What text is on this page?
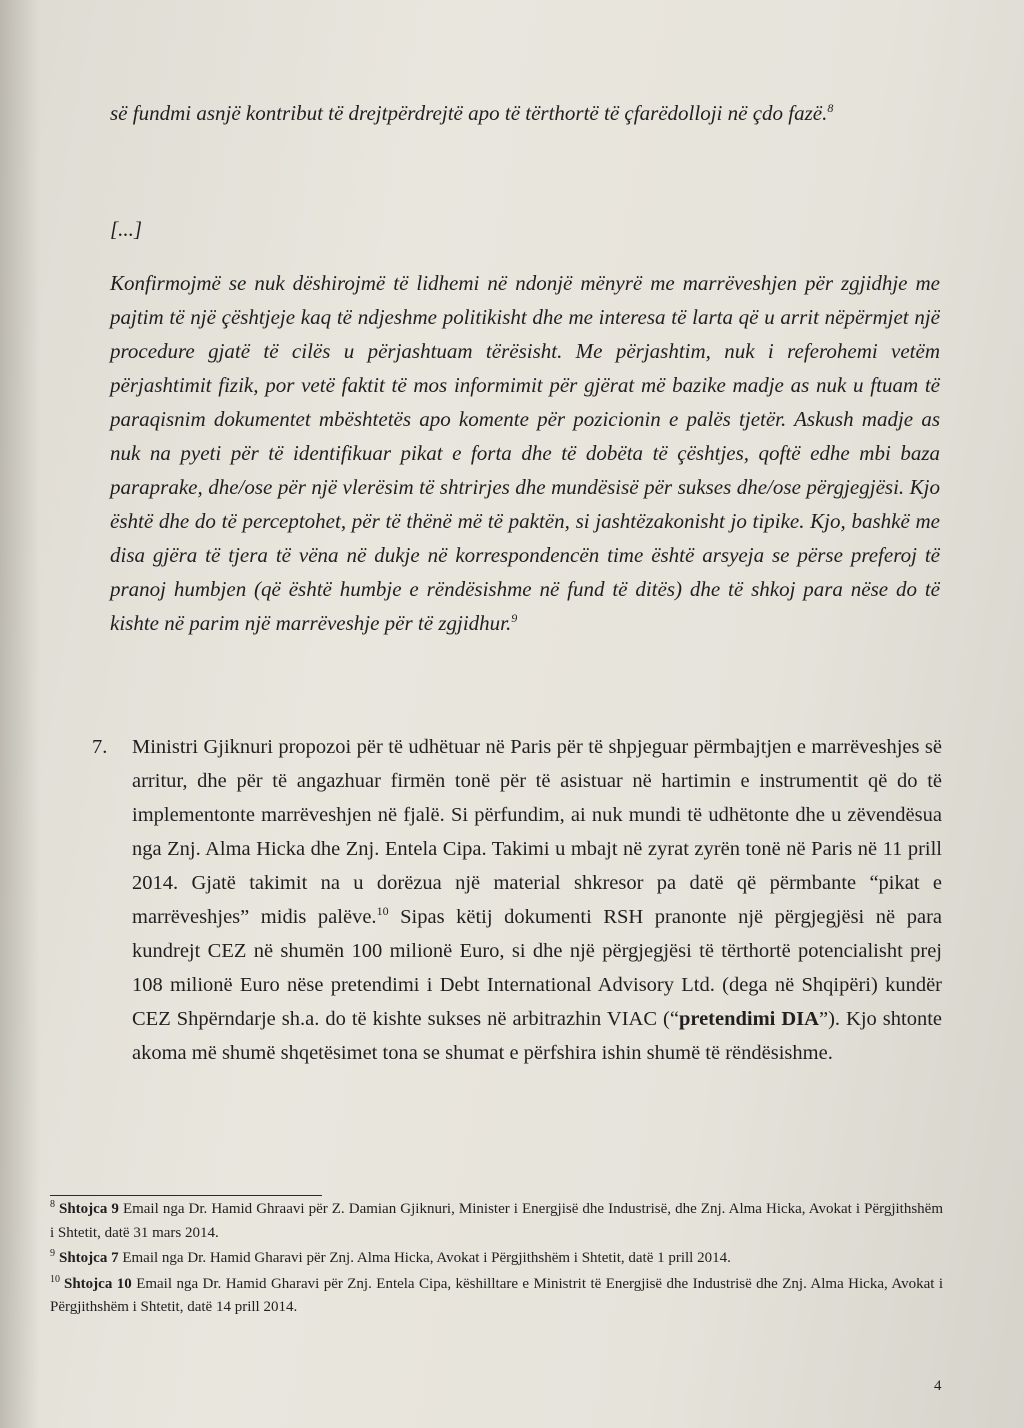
së fundmi asnjë kontribut të drejtpërdrejtë apo të tërthortë të çfarëdolloji në çdo fazë.$^8$

[...]

Konfirmojmë se nuk dëshirojmë të lidhemi në ndonjë mënyrë me marrëveshjen për zgjidhje me pajtim të një çështjeje kaq të ndjeshme politikisht dhe me interesa të larta që u arrit nëpërmjet një procedure gjatë të cilës u përjashtuam tërësisht. Me përjashtim, nuk i referohemi vetëm përjashtimit fizik, por vetë faktit të mos informimit për gjërat më bazike madje as nuk u ftuam të paraqisnim dokumentet mbështetës apo komente për pozicionin e palës tjetër. Askush madje as nuk na pyeti për të identifikuar pikat e forta dhe të dobëta të çështjes, qoftë edhe mbi baza paraprake, dhe/ose për një vlerësim të shtrirjes dhe mundësisë për sukses dhe/ose përgjegjësi. Kjo është dhe do të perceptohet, për të thënë më të paktën, si jashtëzakonisht jo tipike. Kjo, bashkë me disa gjëra të tjera të vëna në dukje në korrespondencën time është arsyeja se përse preferoj të pranoj humbjen (që është humbje e rëndësishme në fund të ditës) dhe të shkoj para nëse do të kishte në parim një marrëveshje për të zgjidhur.$^9$

7.	Ministri Gjiknuri propozoi për të udhëtuar në Paris për të shpjeguar përmbajtjen e marrëveshjes së arritur, dhe për të angazhuar firmën tonë për të asistuar në hartimin e instrumentit që do të implementonte marrëveshjen në fjalë. Si përfundim, ai nuk mundi të udhëtonte dhe u zëvendësua nga Znj. Alma Hicka dhe Znj. Entela Cipa. Takimi u mbajt në zyrat zyrën tonë në Paris në 11 prill 2014. Gjatë takimit na u dorëzua një material shkresor pa datë që përmbante “pikat e marrëveshjes” midis palëve.$^{10}$ Sipas këtij dokumenti RSH pranonte një përgjegjësi në para kundrejt CEZ në shumën 100 milionë Euro, si dhe një përgjegjësi të tërthortë potencialisht prej 108 milionë Euro nëse pretendimi i Debt International Advisory Ltd. (dega në Shqipëri) kundër CEZ Shpërndarje sh.a. do të kishte sukses në arbitrazhin VIAC (“pretendimi DIA”). Kjo shtonte akoma më shumë shqetësimet tona se shumat e përfshira ishin shumë të rëndësishme.

$^8$ Shtojca 9 Email nga Dr. Hamid Ghraavi për Z. Damian Gjiknuri, Minister i Energjisë dhe Industrisë, dhe Znj. Alma Hicka, Avokat i Përgjithshëm i Shtetit, datë 31 mars 2014.

$^9$ Shtojca 7 Email nga Dr. Hamid Gharavi për Znj. Alma Hicka, Avokat i Përgjithshëm i Shtetit, datë 1 prill 2014.

$^{10}$ Shtojca 10 Email nga Dr. Hamid Gharavi për Znj. Entela Cipa, këshilltare e Ministrit të Energjisë dhe Industrisë dhe Znj. Alma Hicka, Avokat i Përgjithshëm i Shtetit, datë 14 prill 2014.

4
